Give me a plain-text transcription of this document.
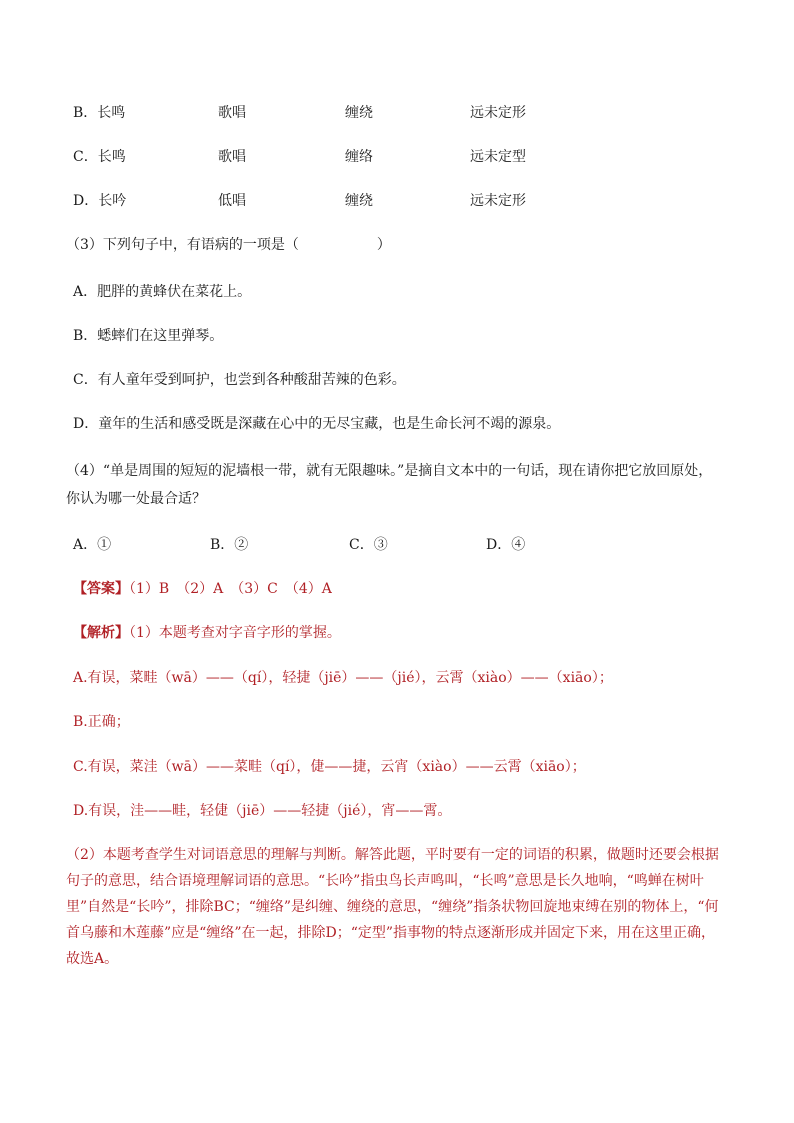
B．长鸣	歌唱	缠绕	远未定形
C．长鸣	歌唱	缠络	远未定型
D．长吟	低唱	缠绕	远未定形
（3）下列句子中，有语病的一项是（	）
A．肥胖的黄蜂伏在菜花上。
B．蟋蟀们在这里弹琴。
C．有人童年受到呵护，也尝到各种酸甜苦辣的色彩。
D．童年的生活和感受既是深藏在心中的无尽宝藏，也是生命长河不竭的源泉。
（4）“单是周围的短短的泥墙根一带，就有无限趣味。”是摘自文本中的一句话，现在请你把它放回原处，你认为哪一处最合适？
A．①	B．②	C．③	D．④
【答案】（1）B　（2）A　（3）C　（4）A
【解析】（1）本题考查对字音字形的掌握。
A.有误，菜畦（wā）——（qí），轻捷（jiē）——（jié），云霄（xiào）——（xiāo）；
B.正确；
C.有误，菜洼（wā）——菜畦（qí），倢——捷，云宵（xiào）——云霄（xiāo）；
D.有误，洼——畦，轻倢（jiē）——轻捷（jié），宵——霄。
（2）本题考查学生对词语意思的理解与判断。解答此题，平时要有一定的词语的积累，做题时还要会根据句子的意思，结合语境理解词语的意思。“长吟”指虫鸟长声鸣叫，“长鸣”意思是长久地响，“鸣蝉在树叶里”自然是“长吟”，排除BC；“缠络”是纠缠、缠绕的意思，“缠绕”指条状物回旋地束缚在别的物体上，“何首乌藤和木莲藤”应是“缠络”在一起，排除D；“定型”指事物的特点逐渐形成并固定下来，用在这里正确，故选A。
